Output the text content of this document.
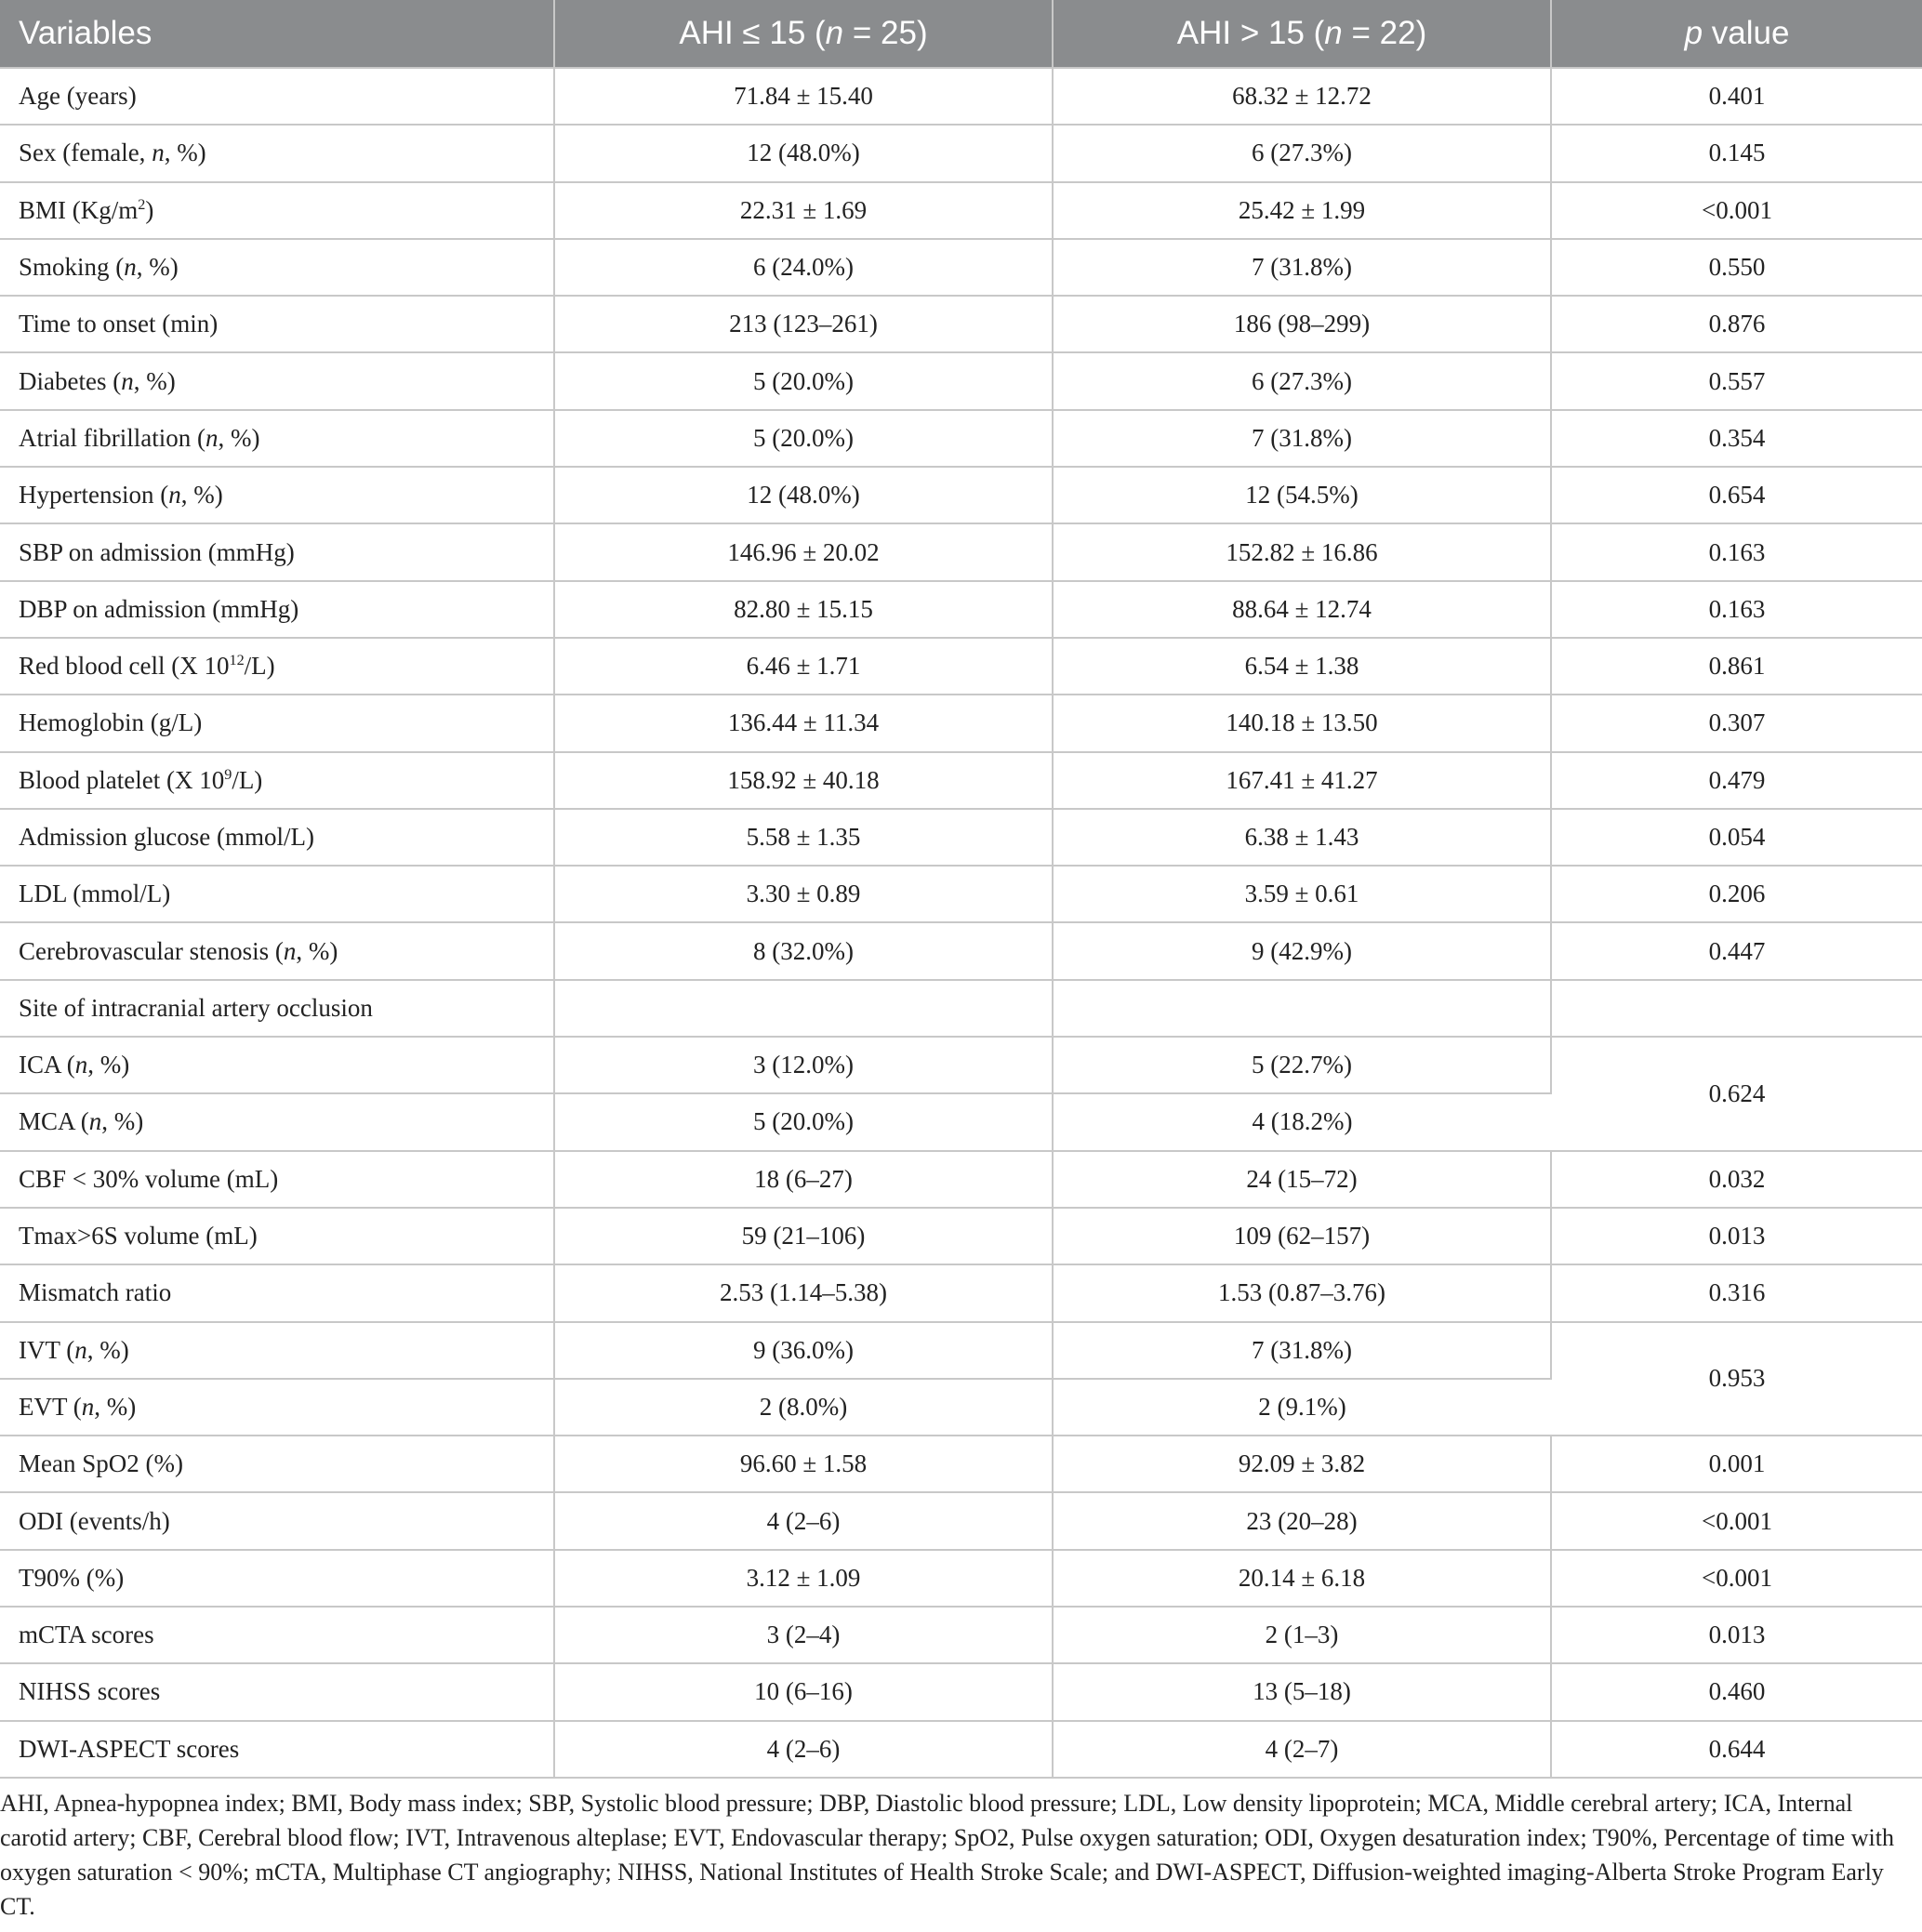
Variables	AHI ≤ 15 (n = 25)	AHI > 15 (n = 22)	p value
Age (years)	71.84 ± 15.40	68.32 ± 12.72	0.401
Sex (female, n, %)	12 (48.0%)	6 (27.3%)	0.145
BMI $(Kg/m^2)$	22.31 ± 1.69	25.42 ± 1.99	<0.001
Smoking (n, %)	6 (24.0%)	7 (31.8%)	0.550
Time to onset (min)	213 (123–261)	186 (98–299)	0.876
Diabetes (n, %)	5 (20.0%)	6 (27.3%)	0.557
Atrial fibrillation (n, %)	5 (20.0%)	7 (31.8%)	0.354
Hypertension (n, %)	12 (48.0%)	12 (54.5%)	0.654
SBP on admission (mmHg)	146.96 ± 20.02	152.82 ± 16.86	0.163
DBP on admission (mmHg)	82.80 ± 15.15	88.64 ± 12.74	0.163
Red blood cell (X $10^{12}/L$)	6.46 ± 1.71	6.54 ± 1.38	0.861
Hemoglobin (g/L)	136.44 ± 11.34	140.18 ± 13.50	0.307
Blood platelet (X $10^9/L$)	158.92 ± 40.18	167.41 ± 41.27	0.479
Admission glucose (mmol/L)	5.58 ± 1.35	6.38 ± 1.43	0.054
LDL (mmol/L)	3.30 ± 0.89	3.59 ± 0.61	0.206
Cerebrovascular stenosis (n, %)	8 (32.0%)	9 (42.9%)	0.447
Site of intracranial artery occlusion			
ICA (n, %)	3 (12.0%)	5 (22.7%)	0.624
MCA (n, %)	5 (20.0%)	4 (18.2%)	
CBF < 30% volume (mL)	18 (6–27)	24 (15–72)	0.032
Tmax>6S volume (mL)	59 (21–106)	109 (62–157)	0.013
Mismatch ratio	2.53 (1.14–5.38)	1.53 (0.87–3.76)	0.316
IVT (n, %)	9 (36.0%)	7 (31.8%)	0.953
EVT (n, %)	2 (8.0%)	2 (9.1%)	
Mean SpO2 (%)	96.60 ± 1.58	92.09 ± 3.82	0.001
ODI (events/h)	4 (2–6)	23 (20–28)	<0.001
T90% (%)	3.12 ± 1.09	20.14 ± 6.18	<0.001
mCTA scores	3 (2–4)	2 (1–3)	0.013
NIHSS scores	10 (6–16)	13 (5–18)	0.460
DWI-ASPECT scores	4 (2–6)	4 (2–7)	0.644

AHI, Apnea-hypopnea index; BMI, Body mass index; SBP, Systolic blood pressure; DBP, Diastolic blood pressure; LDL, Low density lipoprotein; MCA, Middle cerebral artery; ICA, Internal carotid artery; CBF, Cerebral blood flow; IVT, Intravenous alteplase; EVT, Endovascular therapy; SpO2, Pulse oxygen saturation; ODI, Oxygen desaturation index; T90%, Percentage of time with oxygen saturation < 90%; mCTA, Multiphase CT angiography; NIHSS, National Institutes of Health Stroke Scale; and DWI-ASPECT, Diffusion-weighted imaging-Alberta Stroke Program Early CT.
